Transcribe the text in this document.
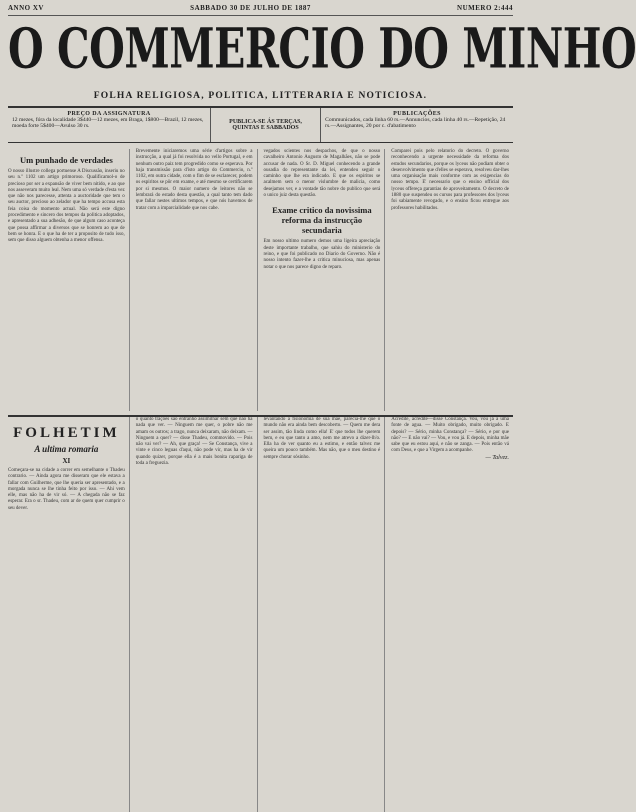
ANNO XV	SABBADO 30 DE JULHO DE 1887	NUMERO 2:444
O COMMERCIO DO MINHO
FOLHA RELIGIOSA, POLITICA, LITTERARIA E NOTICIOSA.
PREÇO DA ASSIGNATURA
12 mezes, fóra da localidade 3$440—12 mezes, em Braga, 1$800—Brazil, 12 mezes, moeda forte 5$400—Avulso 30 rs.
PUBLICA-SE ÁS TERÇAS, QUINTAS E SABBADOS
PUBLICAÇÕES
Communicados, cada linha 60 rs.—Annuncios, cada linha 40 rs.—Repetição, 24 rs.—Assignantes, 20 por c. d'abatimento
Um punhado de verdades
O nosso illustre collega portuense A Discussão, inseriu no seu n.º 1102 um artigo primoroso. Qualificamol-o de precioso por ser a expansão de viver bem nitido, e ao que nos asseveram muito leal. Nem uma só verdade d'esta vez que não nos parecesse, attenta a auctoridade que tem o seu auctor, precioso ao zelador que ha tempo accusa esta feia coisa do momento actual. Não será este digno procedimento e sincero dos tempos da politica adoptados, e apresentado a sua adhesão, de que algum caso aconteça que possa affirmar a diversos que se honrem ao que de bem se honra. E o que ha de ter a proposito de tudo isso, sem que disso alguem obtenha a menor offensa.
Brevemente iniciaremos uma série d'artigos sobre a instrucção, a qual já foi resolvida no vello Portugal, e em nenhum outro paiz tem progredido como se esperava. Por haja transmissão para d'isto artigo do Commercio, n.º 1102, em outra cidade, com o fim de se esclarecer, podem os espiritos se pôr em exame, e até mesmo se certificarem por si mesmos. O maior numero de leitores não se lembrará do estado desta questão, a qual tanto tem dado que fallar nestes ultimos tempos, e que nós havemos de tratar com a imparcialidade que nos cabe.
vegados scientes nos despachos, de que o nosso cavalheiro Antonio Augusto de Magalhães, não se pode accusar de nada. O Sr. D. Miguel conhecendo a grande ousadia do representante da lei, entendeu seguir o caminho que lhe era indicado. E que os espiritos se acalmem sem o menor vislumbre de malicia, como desejamos ver, e a vontade tão nobre do publico que será o unico juiz desta questão.
Exame critico da novissima reforma da instrucção secundaria
Em nosso ultimo numero demos uma ligeira apreciação deste importante trabalho, que sahiu do ministerio do reino, e que foi publicado no Diario do Governo. Não é nosso intento fazer-lhe a critica minuciosa, mas apenas notar o que nos parece digno de reparo.
Comparei pois pelo relatorio do decreto. O governo reconhecendo a urgente necessidade da reforma dos estudos secundarios, porque os lyceus não podiam obter o desenvolvimento que d'elles se esperava, resolveu dar-lhes uma organisação mais conforme com as exigencias do nosso tempo. E' necessario que o ensino official dos lyceus offereça garantias de aproveitamento. O decreto de 1880 que suspendeu os cursos para professores dos lyceus foi sabiamente revogado, e o ensino ficou entregue aos professores habilitados.
FOLHETIM
A ultima romaria
XI
Começara-se na cidade a correr em semelhante o Thadeu contrario. — Ainda agora me disseram que ele estava a fallar com Guilherme, que lhe queria ser apresentado, e a morgada nunca se lhe tinha feito por isso. — Ahi vem elle, mas não ha de vir só. — A chegada não se faz esperar. Era o sr. Thadeu, com ar de quem quer cumprir o seu dever.
o quanto trações são entranho assimilhar sem que não ha nada que ver. — Ninguem me quer, o pobre não me amam os outros; a trago, nunca deixaram, não deixam. — Ninguem a quer? — disse Thadeu, commovido. — Pois não vai ver? — Ah, que graça! — Se Constança, vive a vinte e cinco leguas d'aqui, não pode vir, mas ha de vir quando quizer, porque ella é a mais bonita rapariga de toda a freguezia.
levantando a fisionomia de sua mãe, parecia-lhe que o mundo não era ainda bem descoberto. — Quem me dera ser assim, tão linda como ella! E' que todos lhe querem bem, e eu que tanto a amo, nem me atrevo a dizer-lh'o. Ella ha de ver quanto eu a estimo, e então talvez me queira um pouco também. Mas não, que o meu destino é sempre chorar sósinho.
Acredite, acredite—disse Constança. Vou, vou já a uma fonte de agua. — Muito obrigado, muito obrigado. E depois? — Sério, minha Constança? — Sério, e por que não? — E não vai? — Vou, e vou já. E depois, minha mãe sabe que eu estou aqui, e não se zanga. — Pois então vá com Deus, e que a Virgem a acompanhe.
— Talvez.
